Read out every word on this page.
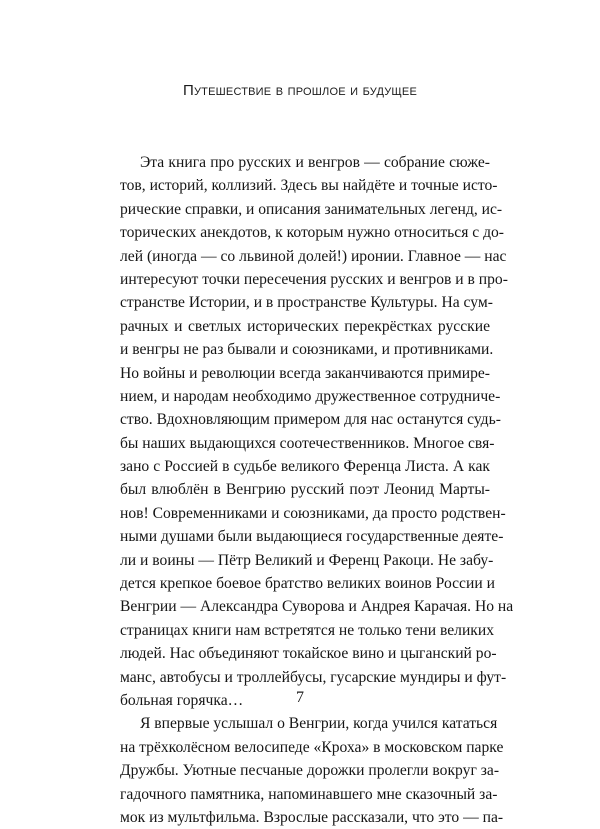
Путешествие в прошлое и будущее
Эта книга про русских и венгров — собрание сюже-
тов, историй, коллизий. Здесь вы найдёте и точные исто-
рические справки, и описания занимательных легенд, ис-
торических анекдотов, к которым нужно относиться с до-
лей (иногда — со львиной долей!) иронии. Главное — нас
интересуют точки пересечения русских и венгров и в про-
странстве Истории, и в пространстве Культуры. На сум-
рачных и светлых исторических перекрёстках русские
и венгры не раз бывали и союзниками, и противниками.
Но войны и революции всегда заканчиваются примире-
нием, и народам необходимо дружественное сотрудниче-
ство. Вдохновляющим примером для нас останутся судь-
бы наших выдающихся соотечественников. Многое свя-
зано с Россией в судьбе великого Ференца Листа. А как
был влюблён в Венгрию русский поэт Леонид Марты-
нов! Современниками и союзниками, да просто родствен-
ными душами были выдающиеся государственные деяте-
ли и воины — Пётр Великий и Ференц Ракоци. Не забу-
дется крепкое боевое братство великих воинов России и
Венгрии — Александра Суворова и Андрея Карачая. Но на
страницах книги нам встретятся не только тени великих
людей. Нас объединяют токайское вино и цыганский ро-
манс, автобусы и троллейбусы, гусарские мундиры и фут-
больная горячка…
Я впервые услышал о Венгрии, когда учился кататься
на трёхколёсном велосипеде «Кроха» в московском парке
Дружбы. Уютные песчаные дорожки пролегли вокруг за-
гадочного памятника, напоминавшего мне сказочный за-
мок из мультфильма. Взрослые рассказали, что это — па-
7
